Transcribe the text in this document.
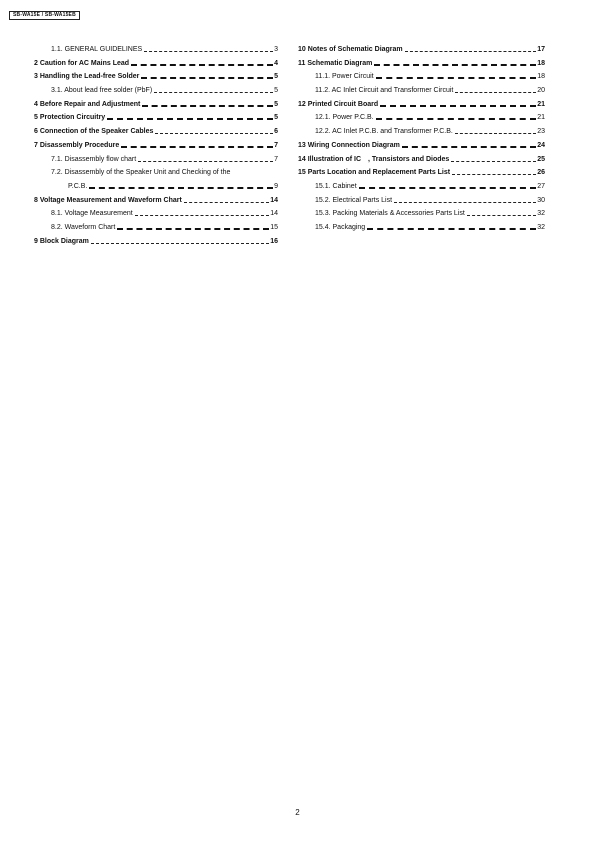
SB-WA15E / SB-WA15EB
1.1. GENERAL GUIDELINES	3
2 Caution for AC Mains Lead	4
3 Handling the Lead-free Solder	5
3.1. About lead free solder (PbF)	5
4 Before Repair and Adjustment	5
5 Protection Circuitry	5
6 Connection of the Speaker Cables	6
7 Disassembly Procedure	7
7.1. Disassembly flow chart	7
7.2. Disassembly of the Speaker Unit and Checking of the
P.C.B.	9
8 Voltage Measurement and Waveform Chart	14
8.1. Voltage Measurement	14
8.2. Waveform Chart	15
9 Block Diagram	16
10 Notes of Schematic Diagram	17
11 Schematic Diagram	18
11.1. Power Circuit	18
11.2. AC Inlet Circuit and Transformer Circuit	20
12 Printed Circuit Board	21
12.1. Power P.C.B.	21
12.2. AC Inlet P.C.B. and Transformer P.C.B.	23
13 Wiring Connection Diagram	24
14 Illustration of IC , Transistors and Diodes	25
15 Parts Location and Replacement Parts List	26
15.1. Cabinet	27
15.2. Electrical Parts List	30
15.3. Packing Materials & Accessories Parts List	32
15.4. Packaging	32
2
